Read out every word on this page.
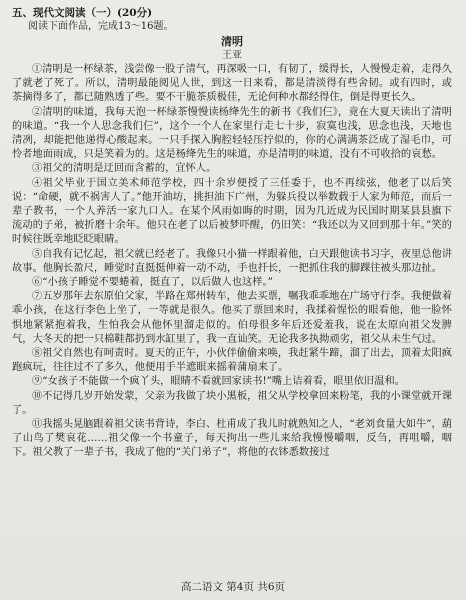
五、现代文阅读（一）(20分)

阅读下面作品，完成13～16题。

清明

王亚

①清明是一杯绿茶，浅尝像一股子清气，再深吸一口，有韧了，缓得长，人慢慢走着，走得久了就老了死了。所以，清明最能阅见人世，到这一日来看，都是清淡得有些舍韧。或有四时，或茶摘得多了，都已随熟透了些。要不干脆茶质极佳，无论何种水都经得住，倒是得更长久。

②清明的味道，我每天泡一杯绿茶慢慢读杨绛先生的新书《我们仨》，竟在大夏天读出了清明的味道。“我一个人思念我们仨”，这个一个人在家里行走七十步，寂寞也浅，思念也浅，天地也清冽，却能把他递得心酸起来。一只手探入胸腔轻轻压拧似的，你的心满满茶泛成了湿毛巾，可怜者地面雨成，只是笑着为的。这是杨绛先生的味道，亦是清明的味道，没有不可收拾的哀愁。

③祖父的清明是迂回而含蓄的，宜怀人。

④祖父毕业于国立美术师范学校，四十余岁便授了三任委于，也不再续弦，他老了以后笑说：“命硬，就不祸害人了。”他开油坊，挑担油下广州，为躲兵役以举数载于人家为师范，而后一辈子教书，一个人养活一家九口人。在某个风雨如晦的时期，因为几近成为民国时期某县县旗下流动的子弟，被折磨十余年。他只在老了以后被梦吓醒，仍旧笑：“我还以为又回到那十年。”笑的时候往既幸地眨眨眼睛。

⑤自我有记忆起，祖父就已经老了。我像只小猫一样跟着他，白天跟他读书习字，夜里总他讲故事。他胸长盈尺，睡觉时直挺挺伸着一动不动，手也扦长，一把抓住我的脚踝往被头那边扯。

⑥“小孩子睡觉不要蜷着，挺直了，以后做人也这样。”

⑦五岁那年去东原伯父家，半路在郑州转车，他去买票，嘱我乖乖地在广场守行李。我便做着乖小孩，在这行李色上坐了，一等就是很久。他买了票回来时，我揉着惺忪的眼看他，他一脸怀惧地紧紧抱着我，生怕我会从他怀里溜走似的。伯母很多年后还爱羞我，说在太原向祖父发脾气，大冬天的把一只棉鞋都扔到水缸里了，我一直讪笑。无论我多执拗顽劣，祖父从未生气过。

⑧祖父自然也有呵责时。夏天的正午，小伙伴偷偷来唤，我赶紧牛蹄，溜了出去，顶着太阳疯跑疯玩，往往过不了多久，他便用手半遮眼来摇着蒲扇来了。

⑨“女孩子不能做一个疯丫头，眼睛不看就回家读书!”嘴上诘着看，眼里依旧温和。

⑩不记得几岁开始发蒙，父亲为我做了块小黑板，祖父从学校拿回来粉笔，我的小课堂就开课了。

⑪我摇头晃脑跟着祖父读书背诗，李白、杜甫成了我儿时就熟知之人，“老刘食量大如牛”，葫了山鸟了樊哀花……祖父像一个书童子，每天拘出一些儿来给我慢慢嚼咽，反刍，再咀嚼，咽下。祖父教了一辈子书，我成了他的“关门弟子”，将他的衣钵悉数接过

高二语文 第4页 共6页
